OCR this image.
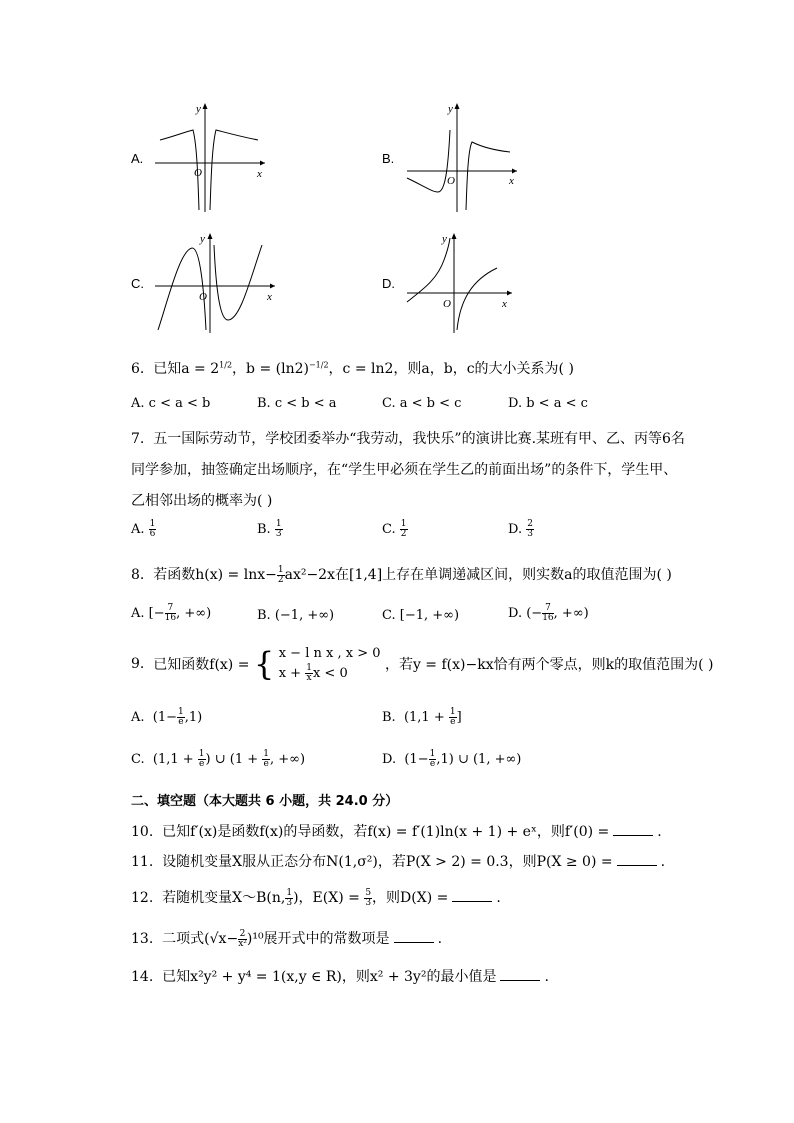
A.
y
x
O
B.
y
x
O
C.
y
x
O
D.
y
x
O
6. 已知$a = 2^{1/2}$，$b = (\ln 2)^{-1/2}$，c = ln2，则a，b，c的大小关系为( )
A. c < a < b	B. c < b < a	C. a < b < c	D. b < a < c
7. 五一国际劳动节，学校团委举办“我劳动，我快乐”的演讲比赛.某班有甲、乙、丙等6名
同学参加，抽签确定出场顺序，在“学生甲必须在学生乙的前面出场”的条件下，学生甲、
乙相邻出场的概率为( )
A. $\frac{1}{6}$	B. $\frac{1}{3}$	C. $\frac{1}{2}$	D. $\frac{2}{3}$
8. 若函数$h(x) = \ln x- \frac{1}{2} ax^2-2x$在[1,4]上存在单调递减区间，则实数a的取值范围为( )
A. [− $\frac{7}{16}$ , +∞)	B. (−1, +∞)	C. [−1, +∞)	D. (− $\frac{7}{16}$ , +∞)
9. 已知函数f(x) = { x − l n x , x > 0
$x + \frac{1}{x}$ x < 0
，若y = f(x)−kx恰有两个零点，则k的取值范围为( )
A. $(1- \frac{1}{e} ,1)$	B. ($1,1 + \frac{1}{e}$ ]
C. ($1,1 + \frac{1}{e}$ ) ∪ ($1 + \frac{1}{e}$ , +∞)	D. $(1- \frac{1}{e} ,1)$ ∪ (1, +∞)
二、填空题（本大题共 6 小题，共 24.0 分）
10. 已知f′(x)是函数f(x)的导函数，若f(x) = f′(1)ln(x + 1) + eˣ，则f′(0) =	.
11. 设随机变量X服从正态分布N(1,σ²)，若P(X > 2) = 0.3，则P(X ≥ 0) =	.
12. 若随机变量X～B(n, $\frac{1}{3}$ )，$E(X) = \frac{5}{3}$ ，则D(X) =	.
13. 二项式$(√x- \frac{2}{\text{x²}} )^{10}$展开式中的常数项是	.
14. 已知x²y² + y⁴ = 1(x,y ∈ R)，则x² + 3y²的最小值是	.
